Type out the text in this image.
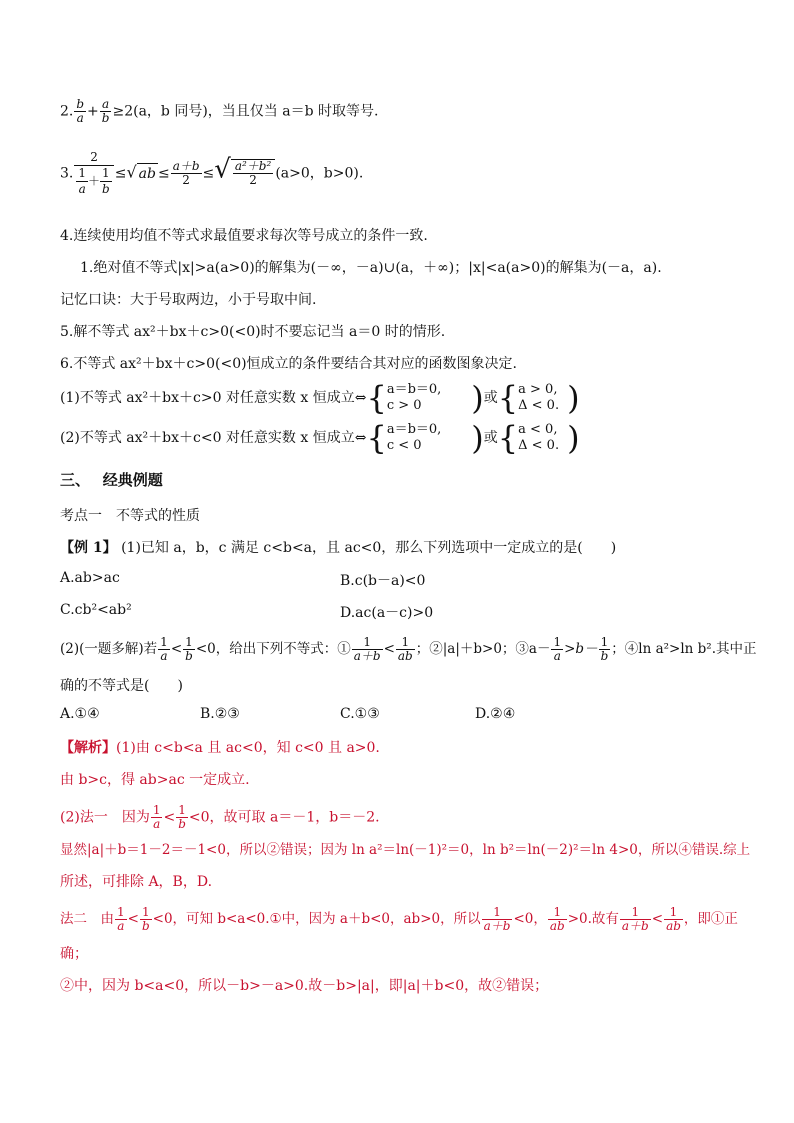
2. $\frac{b}{a} + \frac{a}{b} \ge 2(a$，b 同号)，当且仅当 a＝b 时取等号.
3. $\frac{2}{\frac{1}{a} + \frac{1}{b}}$ ≤√ ab ≤ $\frac{a+b}{2}$ ≤√ $\frac{\text{a²＋b²}}{2} (a>0$，b>0).
4.连续使用均值不等式求最值要求每次等号成立的条件一致.
1.绝对值不等式|x|>a(a>0)的解集为(－∞，－a)∪(a，＋∞)；|x|<a(a>0)的解集为(－a，a).
记忆口诀：大于号取两边，小于号取中间.
5.解不等式 ax²＋bx＋c>0(<0)时不要忘记当 a＝0 时的情形.
6.不等式 ax²＋bx＋c>0(<0)恒成立的条件要结合其对应的函数图象决定.
(1)不等式 ax²＋bx＋c>0 对任意实数 x 恒成立⇔{ a＝b＝0,
c > 0	)或{ a > 0,
Δ < 0. )
(2)不等式 ax²＋bx＋c<0 对任意实数 x 恒成立⇔{ a＝b＝0,
c < 0	)或{ a < 0,
Δ < 0. )
三、　 经典例题
考点一　不等式的性质
【例 1】 (1)已知 a，b，c 满足 c<b<a，且 ac<0，那么下列选项中一定成立的是(　　)
A.ab>ac	B.c(b－a)<0
C.cb²<ab²	D.ac(a－c)>0
(2)(一题多解)若 $\frac{1}{a} < \frac{1}{b} <0$，给出下列不等式：① $\frac{1}{a+b} < \frac{1}{ab}$ ；②|a|＋b>0；③a－ $\frac{1}{a} >b- \frac{1}{b}$ ；④ln a²>ln b².其中正
确的不等式是(　　)
A.①④	B.②③	C.①③	D.②④
【解析】(1)由 c<b<a 且 ac<0，知 c<0 且 a>0.
由 b>c，得 ab>ac 一定成立.
(2)法一　因为 $\frac{1}{a} < \frac{1}{b} <0$，故可取 a＝－1，b＝－2.
显然|a|＋b＝1－2＝－1<0，所以②错误；因为 ln a²＝ln(－1)²＝0，ln b²＝ln(－2)²＝ln 4>0，所以④错误.综上
所述，可排除 A，B，D.
法二　由 $\frac{1}{a} < \frac{1}{b} <0$，可知 b<a<0.①中，因为 a＋b<0，ab>0，所以 $\frac{1}{a+b} <0$， $\frac{1}{ab} >0$.故有 $\frac{1}{a+b} < \frac{1}{ab}$ ，即①正
确；
②中，因为 b<a<0，所以－b>－a>0.故－b>|a|，即|a|＋b<0，故②错误；
